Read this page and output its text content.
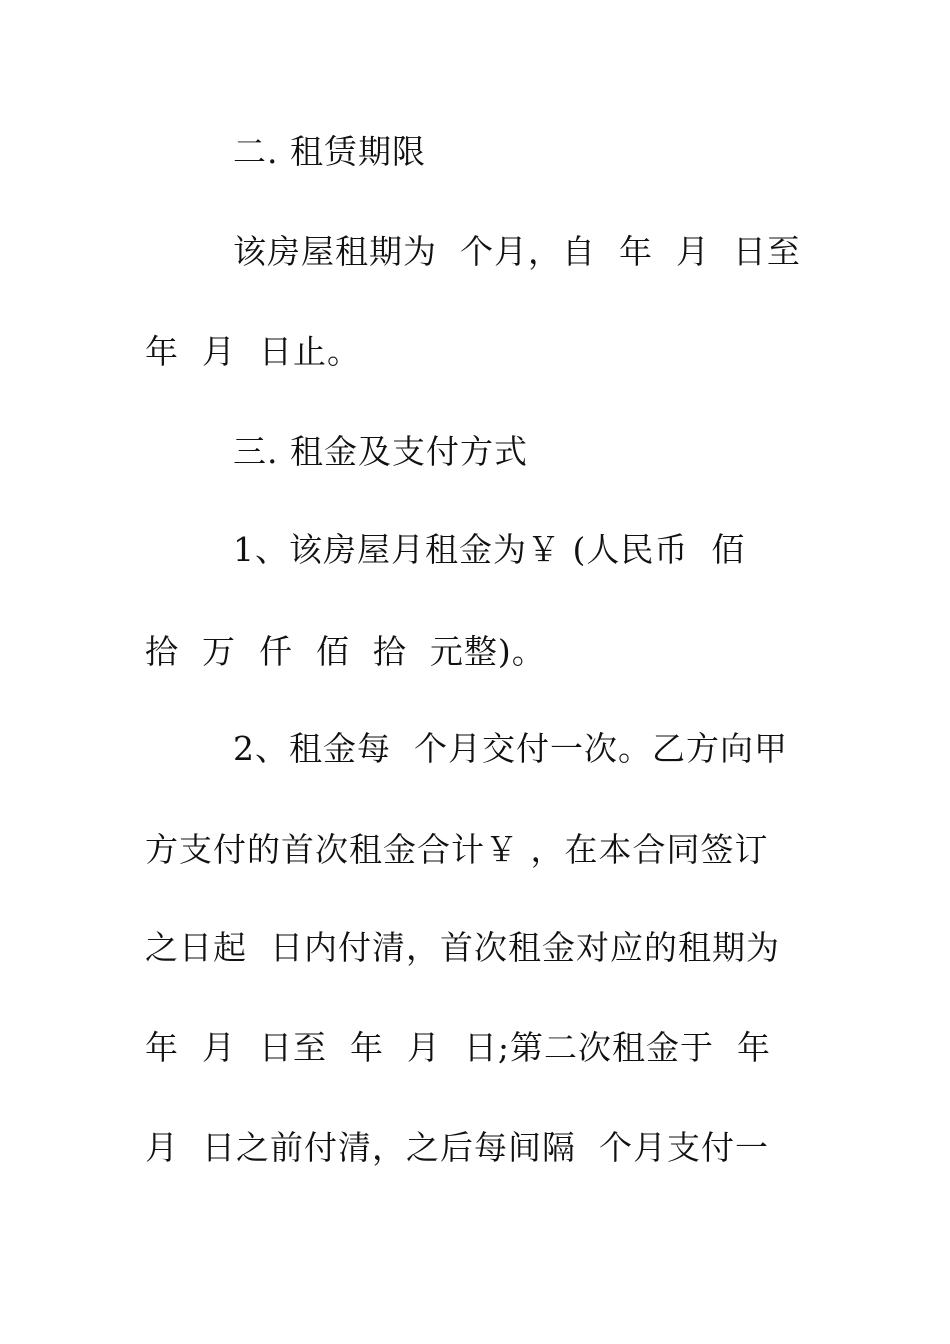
二. 租赁期限
该房屋租期为  个月，自  年  月  日至
年  月  日止。
三. 租金及支付方式
1、该房屋月租金为￥ (人民币  佰
拾  万  仟  佰  拾  元整)。
2、租金每  个月交付一次。乙方向甲
方支付的首次租金合计￥ ，在本合同签订
之日起  日内付清，首次租金对应的租期为
年  月  日至  年  月  日;第二次租金于  年
月  日之前付清，之后每间隔  个月支付一
